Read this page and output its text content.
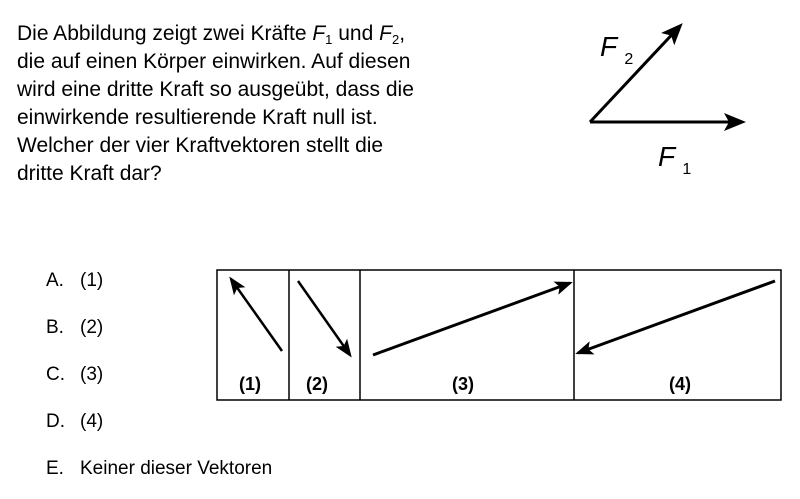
Die Abbildung zeigt zwei Kräfte $F_1$ und $F_2$,
die auf einen Körper einwirken. Auf diesen
wird eine dritte Kraft so ausgeübt, dass die
einwirkende resultierende Kraft null ist.
Welcher der vier Kraftvektoren stellt die
dritte Kraft dar?
F $_2$
F $_1$
A. (1)
B. (2)
C. (3)
D. (4)
E. Keiner dieser Vektoren
(1)	(2)	(3)	(4)
